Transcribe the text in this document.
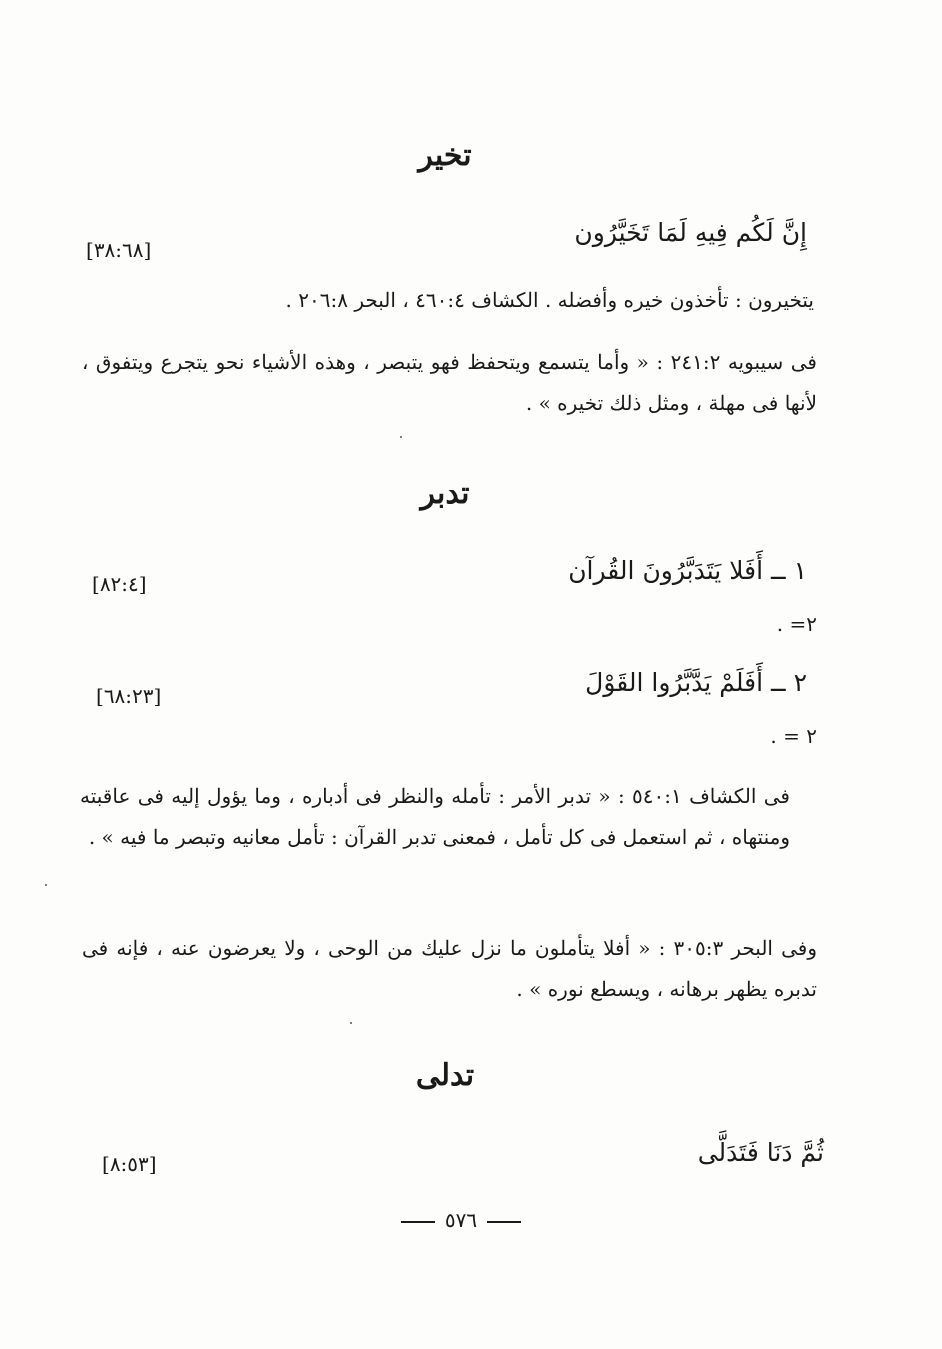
تخير
إِنَّ لَكُم فِيهِ لَمَا تَخَيَّرُون
[٣٨:٦٨]
يتخيرون : تأخذون خيره وأفضله . الكشاف ٤٦٠:٤ ، البحر ٢٠٦:٨ .
فى سيبويه ٢٤١:٢ : « وأما يتسمع ويتحفظ فهو يتبصر ، وهذه الأشياء نحو يتجرع ويتفوق ، لأنها فى مهلة ، ومثل ذلك تخيره » .
تدبر
١ ــ أَفَلا يَتَدَبَّرُونَ القُرآن
[٨٢:٤]
٢= .
٢ ــ أَفَلَمْ يَدَّبَّرُوا القَوْلَ
[٦٨:٢٣]
٢ = .
فى الكشاف ٥٤٠:١ : « تدبر الأمر : تأمله والنظر فى أدباره ، وما يؤول إليه فى عاقبته ومنتهاه ، ثم استعمل فى كل تأمل ، فمعنى تدبر القرآن : تأمل معانيه وتبصر ما فيه » .
وفى البحر ٣٠٥:٣ : « أفلا يتأملون ما نزل عليك من الوحى ، ولا يعرضون عنه ، فإنه فى تدبره يظهر برهانه ، ويسطع نوره » .
تدلى
ثُمَّ دَنَا فَتَدَلَّى
[٨:٥٣]
٥٧٦
